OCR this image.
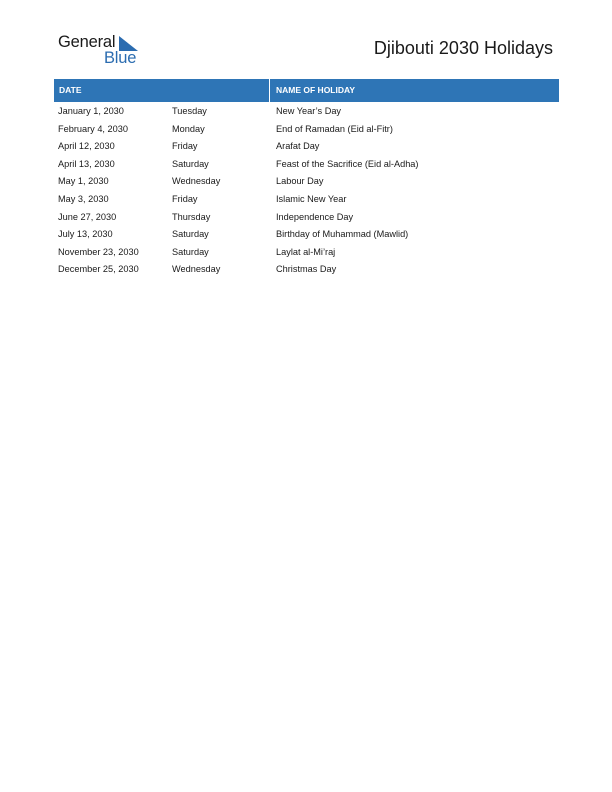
General
Blue	Djibouti 2030 Holidays
DATE	NAME OF HOLIDAY
January 1, 2030	Tuesday	New Year’s Day
February 4, 2030	Monday	End of Ramadan (Eid al-Fitr)
April 12, 2030	Friday	Arafat Day
April 13, 2030	Saturday	Feast of the Sacrifice (Eid al-Adha)
May 1, 2030	Wednesday	Labour Day
May 3, 2030	Friday	Islamic New Year
June 27, 2030	Thursday	Independence Day
July 13, 2030	Saturday	Birthday of Muhammad (Mawlid)
November 23, 2030	Saturday	Laylat al-Mi’raj
December 25, 2030	Wednesday	Christmas Day
